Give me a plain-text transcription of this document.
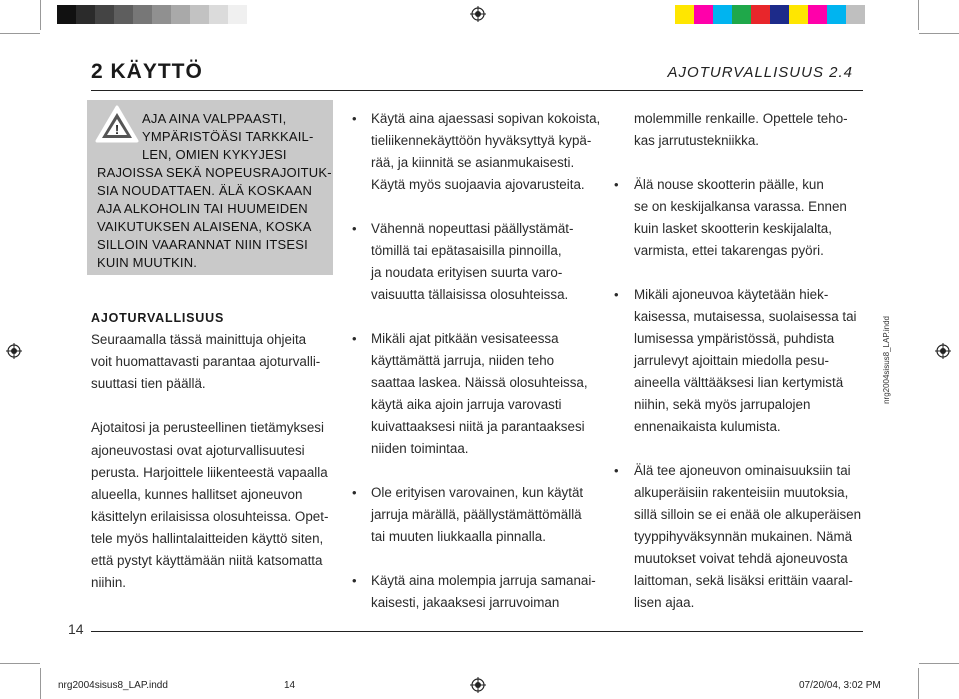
2 KÄYTTÖ	AJOTURVALLISUUS 2.4
!
AJA AINA VALPPAASTI,
YMPÄRISTÖÄSI TARKKAIL-
LEN, OMIEN KYKYJESI
RAJOISSA SEKÄ NOPEUSRAJOITUK-
SIA NOUDATTAEN. ÄLÄ KOSKAAN
AJA ALKOHOLIN TAI HUUMEIDEN
VAIKUTUKSEN ALAISENA, KOSKA
SILLOIN VAARANNAT NIIN ITSESI
KUIN MUUTKIN.
AJOTURVALLISUUS
Seuraamalla tässä mainittuja ohjeita
voit huomattavasti parantaa ajoturvalli-
suuttasi tien päällä.
Ajotaitosi ja perusteellinen tietämyksesi
ajoneuvostasi ovat ajoturvallisuutesi
perusta. Harjoittele liikenteestä vapaalla
alueella, kunnes hallitset ajoneuvon
käsittelyn erilaisissa olosuhteissa. Opet-
tele myös hallintalaitteiden käyttö siten,
että pystyt käyttämään niitä katsomatta
niihin.
Käytä aina ajaessasi sopivan kokoista,
tieliikennekäyttöön hyväksyttyä kypä-
rää, ja kiinnitä se asianmukaisesti.
Käytä myös suojaavia ajovarusteita.
Vähennä nopeuttasi päällystämät-
tömillä tai epätasaisilla pinnoilla,
ja noudata erityisen suurta varo-
vaisuutta tällaisissa olosuhteissa.
Mikäli ajat pitkään vesisateessa
käyttämättä jarruja, niiden teho
saattaa laskea. Näissä olosuhteissa,
käytä aika ajoin jarruja varovasti
kuivattaaksesi niitä ja parantaaksesi
niiden toimintaa.
Ole erityisen varovainen, kun käytät
jarruja märällä, päällystämättömällä
tai muuten liukkaalla pinnalla.
Käytä aina molempia jarruja samanai-
kaisesti, jakaaksesi jarruvoiman
•
•
•
•
•
molemmille renkaille. Opettele teho-
kas jarrutustekniikka.
Älä nouse skootterin päälle, kun
se on keskijalkansa varassa. Ennen
kuin lasket skootterin keskijalalta,
varmista, ettei takarengas pyöri.
Mikäli ajoneuvoa käytetään hiek-
kaisessa, mutaisessa, suolaisessa tai
lumisessa ympäristössä, puhdista
jarrulevyt ajoittain miedolla pesu-
aineella välttääksesi lian kertymistä
niihin, sekä myös jarrupalojen
ennenaikaista kulumista.
Älä tee ajoneuvon ominaisuuksiin tai
alkuperäisiin rakenteisiin muutoksia,
sillä silloin se ei enää ole alkuperäisen
tyyppihyväksynnän mukainen. Nämä
muutokset voivat tehdä ajoneuvosta
laittoman, sekä lisäksi erittäin vaaral-
lisen ajaa.
•
•
•
14
nrg2004sisus8_LAP.indd	14	07/20/04, 3:02 PM
nrg2004sisus8_LAP.indd
